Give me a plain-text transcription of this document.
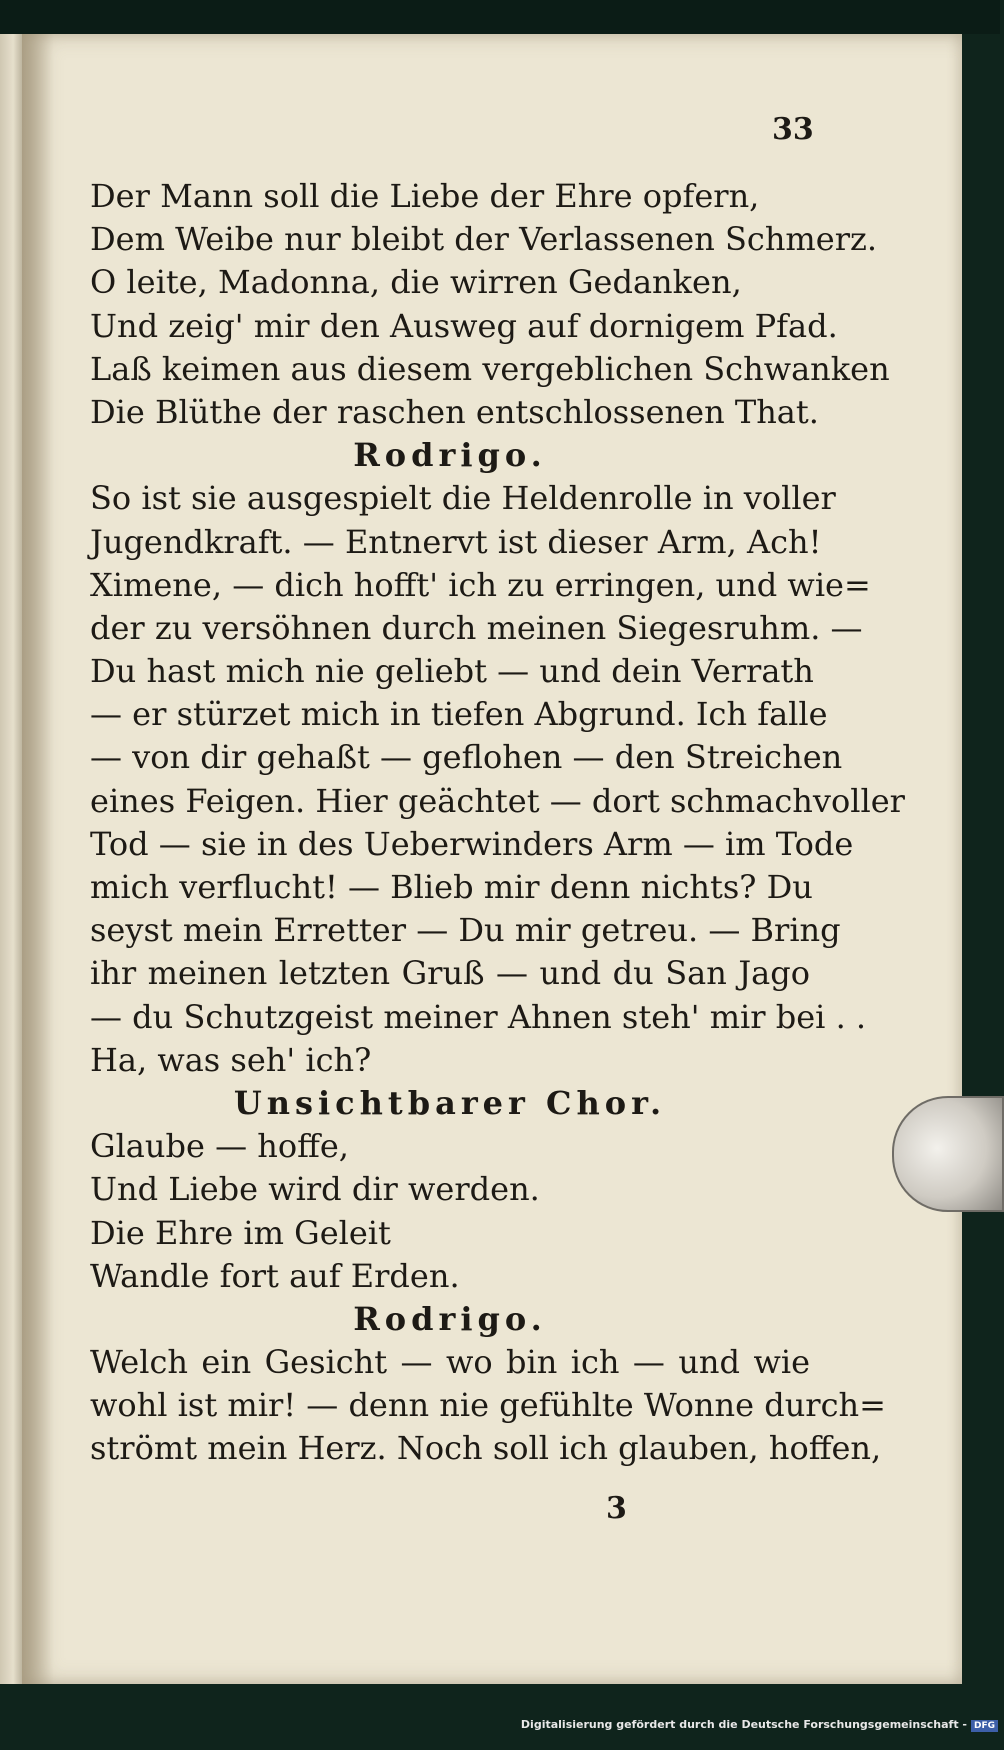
33
Der Mann soll die Liebe der Ehre opfern,
Dem Weibe nur bleibt der Verlassenen Schmerz.
O leite, Madonna, die wirren Gedanken,
Und zeig' mir den Ausweg auf dornigem Pfad.
Laß keimen aus diesem vergeblichen Schwanken
Die Blüthe der raschen entschlossenen That.
Rodrigo.
So ist sie ausgespielt die Heldenrolle in voller
Jugendkraft. — Entnervt ist dieser Arm, Ach!
Ximene, — dich hofft' ich zu erringen, und wie=
der zu versöhnen durch meinen Siegesruhm. —
Du hast mich nie geliebt — und dein Verrath
— er stürzet mich in tiefen Abgrund. Ich falle
— von dir gehaßt — geflohen — den Streichen
eines Feigen. Hier geächtet — dort schmachvoller
Tod — sie in des Ueberwinders Arm — im Tode
mich verflucht! — Blieb mir denn nichts? Du
seyst mein Erretter — Du mir getreu. — Bring
ihr meinen letzten Gruß — und du San Jago
— du Schutzgeist meiner Ahnen steh' mir bei . .
Ha, was seh' ich?
Unsichtbarer Chor.
Glaube — hoffe,
Und Liebe wird dir werden.
Die Ehre im Geleit
Wandle fort auf Erden.
Rodrigo.
Welch ein Gesicht — wo bin ich — und wie
wohl ist mir! — denn nie gefühlte Wonne durch=
strömt mein Herz. Noch soll ich glauben, hoffen,
3
Digitalisierung gefördert durch die Deutsche Forschungsgemeinschaft - DFG
